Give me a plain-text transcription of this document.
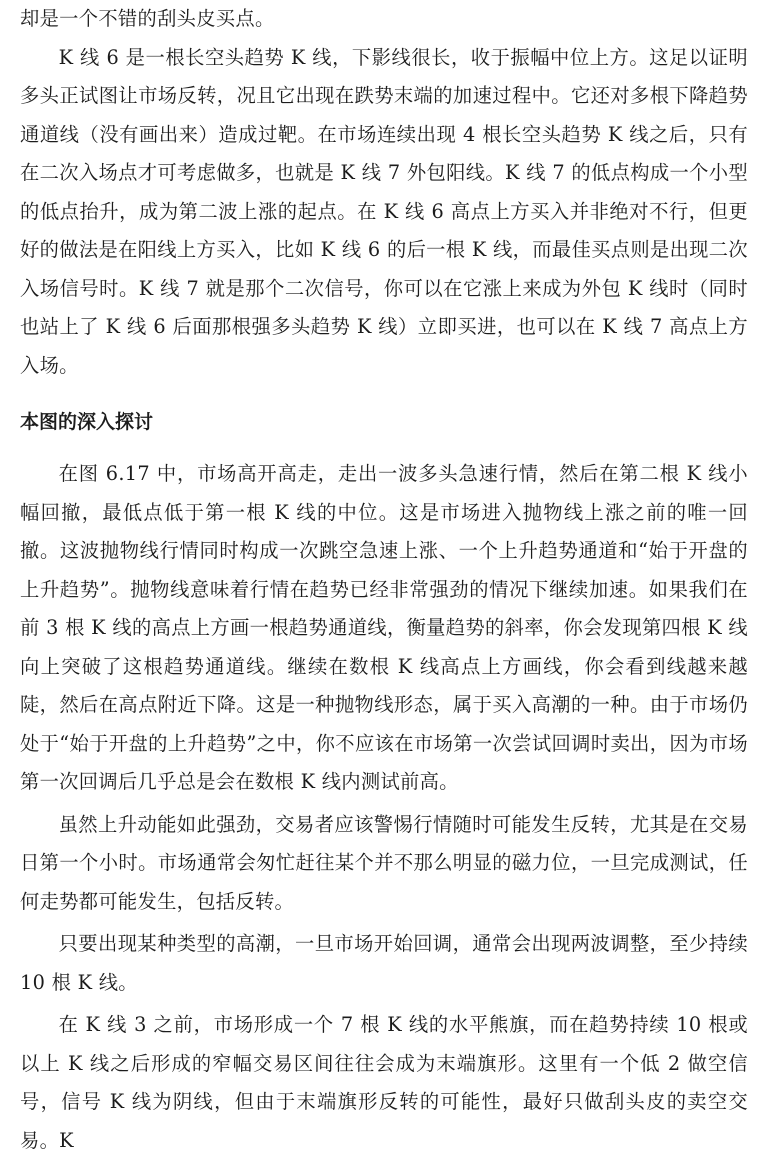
却是一个不错的刮头皮买点。

K 线 6 是一根长空头趋势 K 线，下影线很长，收于振幅中位上方。这足以证明多头正试图让市场反转，况且它出现在跌势末端的加速过程中。它还对多根下降趋势通道线（没有画出来）造成过靶。在市场连续出现 4 根长空头趋势 K 线之后，只有在二次入场点才可考虑做多，也就是 K 线 7 外包阳线。K 线 7 的低点构成一个小型的低点抬升，成为第二波上涨的起点。在 K 线 6 高点上方买入并非绝对不行，但更好的做法是在阳线上方买入，比如 K 线 6 的后一根 K 线，而最佳买点则是出现二次入场信号时。K 线 7 就是那个二次信号，你可以在它涨上来成为外包 K 线时（同时也站上了 K 线 6 后面那根强多头趋势 K 线）立即买进，也可以在 K 线 7 高点上方入场。

本图的深入探讨

在图 6.17 中，市场高开高走，走出一波多头急速行情，然后在第二根 K 线小幅回撤，最低点低于第一根 K 线的中位。这是市场进入抛物线上涨之前的唯一回撤。这波抛物线行情同时构成一次跳空急速上涨、一个上升趋势通道和“始于开盘的上升趋势”。抛物线意味着行情在趋势已经非常强劲的情况下继续加速。如果我们在前 3 根 K 线的高点上方画一根趋势通道线，衡量趋势的斜率，你会发现第四根 K 线向上突破了这根趋势通道线。继续在数根 K 线高点上方画线，你会看到线越来越陡，然后在高点附近下降。这是一种抛物线形态，属于买入高潮的一种。由于市场仍处于“始于开盘的上升趋势”之中，你不应该在市场第一次尝试回调时卖出，因为市场第一次回调后几乎总是会在数根 K 线内测试前高。

虽然上升动能如此强劲，交易者应该警惕行情随时可能发生反转，尤其是在交易日第一个小时。市场通常会匆忙赶往某个并不那么明显的磁力位，一旦完成测试，任何走势都可能发生，包括反转。

只要出现某种类型的高潮，一旦市场开始回调，通常会出现两波调整，至少持续 10 根 K 线。

在 K 线 3 之前，市场形成一个 7 根 K 线的水平熊旗，而在趋势持续 10 根或以上 K 线之后形成的窄幅交易区间往往会成为末端旗形。这里有一个低 2 做空信号，信号 K 线为阴线，但由于末端旗形反转的可能性，最好只做刮头皮的卖空交易。K
